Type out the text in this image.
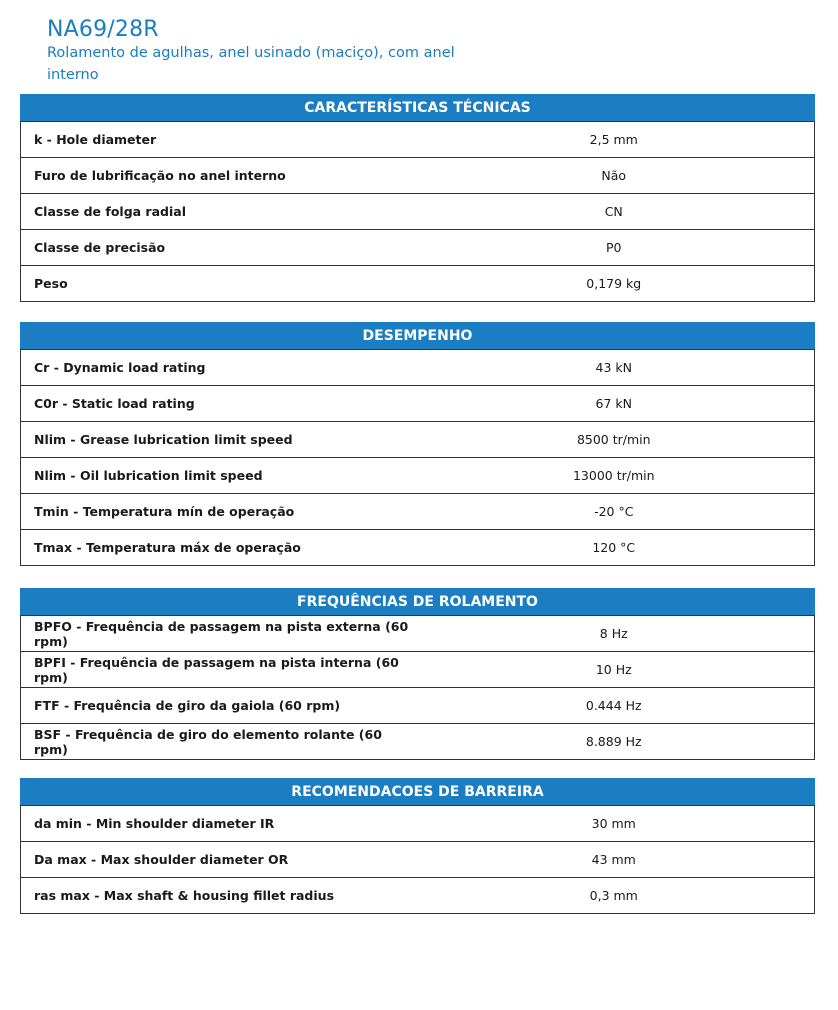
NA69/28R
Rolamento de agulhas, anel usinado (maciço), com anel interno
CARACTERÍSTICAS TÉCNICAS
k - Hole diameter	2,5 mm
Furo de lubrificação no anel interno	Não
Classe de folga radial	CN
Classe de precisão	P0
Peso	0,179 kg
DESEMPENHO
Cr - Dynamic load rating	43 kN
C0r - Static load rating	67 kN
Nlim - Grease lubrication limit speed	8500 tr/min
Nlim - Oil lubrication limit speed	13000 tr/min
Tmin - Temperatura mín de operação	-20 °C
Tmax - Temperatura máx de operação	120 °C
FREQUÊNCIAS DE ROLAMENTO
BPFO - Frequência de passagem na pista externa (60 rpm)	8 Hz
BPFI - Frequência de passagem na pista interna (60 rpm)	10 Hz
FTF - Frequência de giro da gaiola (60 rpm)	0.444 Hz
BSF - Frequência de giro do elemento rolante (60 rpm)	8.889 Hz
RECOMENDACOES DE BARREIRA
da min - Min shoulder diameter IR	30 mm
Da max - Max shoulder diameter OR	43 mm
ras max - Max shaft & housing fillet radius	0,3 mm
